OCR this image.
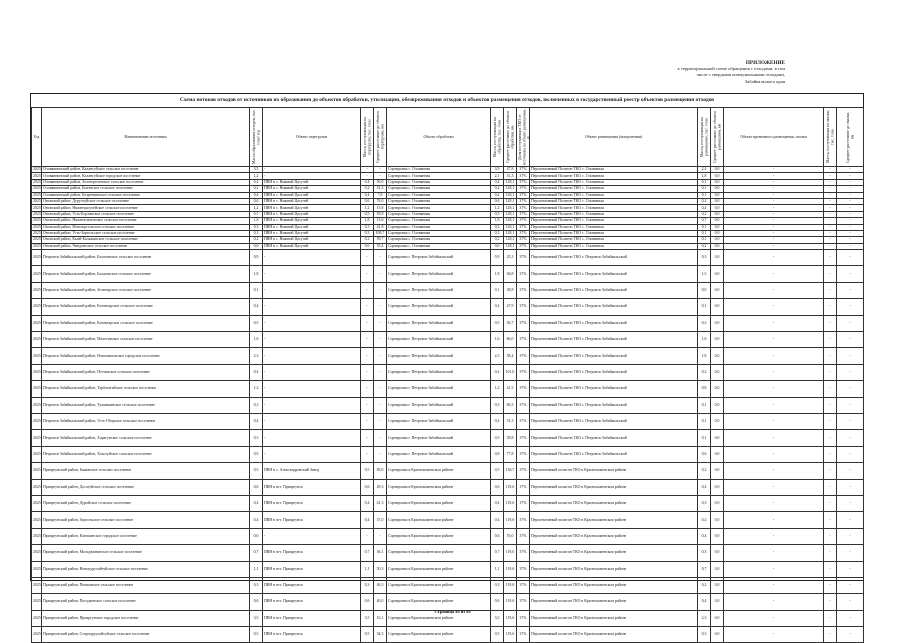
ПРИЛОЖЕНИЕ
к территориальной схеме обращения с отходами, в том
числе с твердыми коммунальными отходами,
Забайкальского края
Схема потоков отходов от источников их образования до объектов обработки, утилизации, обезвреживания отходов и объектов размещения отходов, включенных в государственный реестр объектов размещения отходов
Год	Наименование источника	Масса образования отходов, тыс. тонн/ год	Объект перегрузки	Масса, поступающая на перегрузку, тыс. тонн	Среднее расстояние до объекта перегрузки, км	Объект обработки	Масса, поступающая на обработку, тыс. тонн	Среднее расстояние до объекта обработки, км	Доля поступающих ТКО от источника на объект размещения, %	Объект размещения (захоронения)	Масса, поступающая на размещение, тыс. тонн	Среднее расстояние до объекта размещения, км	Объект временного размещения, свалки	Масса, поступающая на свалки, тыс. тонн	Среднее расстояние до свалки, км
2025	Оловяннинский район, Калангуйское сельское поселение	3,5	-	-	-	Сортировка с. Оловянная	3,9	47,8	37%	Перспективный Полигон ТКО с. Оловянная	2,4	0,0	-	-	-
2025	Оловяннинский район, Калангуйское городское поселение	1,2	-	-	-	Сортировка с. Оловянная	2,1	51,3	37%	Перспективный Полигон ТКО с. Оловянная	1,8	0,0	-	-	-
2025	Оловяннинский район, Золотореченское сельское поселение	0,4	ПВН в с. Нижний Цасучей	0,4	50,0	Сортировка с. Оловянная	0,4	128,1	37%	Перспективный Полигон ТКО с. Оловянная	0,1	0,0	-	-	-
2025	Оловяннинский район, Бытевское сельское поселение	0,2	ПВН в с. Нижний Цасучей	0,2	51,3	Сортировка с. Оловянная	0,2	128,1	37%	Перспективный Полигон ТКО с. Оловянная	0,1	0,0	-	-	-
2025	Оловяннинский район, Безречнинское сельское поселение	0,4	ПВН в с. Нижний Цасучей	0,4	7,8	Сортировка с. Оловянная	0,4	128,1	37%	Перспективный Полигон ТКО с. Оловянная	0,1	0,0	-	-	-
2025	Ононский район, Дурулгуйское сельское поселение	0,6	ПВН в с. Нижний Цасучей	0,6	76,0	Сортировка с. Оловянная	0,6	128,1	37%	Перспективный Полигон ТКО с. Оловянная	0,2	0,0	-	-	-
2025	Ононский район, Нижнецасучейское сельское поселение	1,2	ПВН в с. Нижний Цасучей	1,2	15,8	Сортировка с. Оловянная	1,2	128,1	37%	Перспективный Полигон ТКО с. Оловянная	0,4	0,0	-	-	-
2025	Ононский район, Усть-Борзинское сельское поселение	0,5	ПВН в с. Нижний Цасучей	0,5	59,8	Сортировка с. Оловянная	0,5	128,1	37%	Перспективный Полигон ТКО с. Оловянная	0,2	0,0	-	-	-
2025	Ононский район, Нижнеключевское сельское поселение	1,8	ПВН в с. Нижний Цасучей	1,8	13,6	Сортировка с. Оловянная	1,8	128,1	37%	Перспективный Полигон ТКО с. Оловянная	0,7	0,0	-	-	-
2025	Ононский район, Новозоргольское сельское поселение	0,3	ПВН в с. Нижний Цасучей	0,3	41,8	Сортировка с. Оловянная	0,3	128,1	37%	Перспективный Полигон ТКО с. Оловянная	0,1	0,0	-	-	-
2025	Ононский район, Усть-Заргольское сельское поселение	0,3	ПВН в с. Нижний Цасучей	0,3	108,7	Сортировка с. Оловянная	0,3	128,1	37%	Перспективный Полигон ТКО с. Оловянная	0,1	0,0	-	-	-
2025	Ононский район, Кыэй-Бальжинское сельское поселение	0,2	ПВН в с. Нижний Цасучей	0,2	59,7	Сортировка с. Оловянная	0,2	128,1	37%	Перспективный Полигон ТКО с. Оловянная	0,1	0,0	-	-	-
2025	Ононский район, Чиндантское сельское поселение	0,6	ПВН в с. Нижний Цасучей	0,6	35,4	Сортировка с. Оловянная	0,6	128,1	37%	Перспективный Полигон ТКО с. Оловянная	0,2	0,0	-	-	-
2025	Петровск-Забайкальский район, Балягинское сельское поселение	0,9	-	-	-	Сортировка г. Петровск-Забайкальский	0,9	25,3	37%	Перспективный Полигон ТКО г. Петровск-Забайкальский	0,3	0,0	-	-	-
2025	Петровск-Забайкальский район, Баляганское сельское поселение	1,8	-	-	-	Сортировка г. Петровск-Забайкальский	1,8	36,8	37%	Перспективный Полигон ТКО г. Петровск-Забайкальский	1,5	0,0	-	-	-
2025	Петровск-Забайкальский район, Зеленорское сельское поселение	0,1	-	-	-	Сортировка г. Петровск-Забайкальский	0,1	38,8	37%	Перспективный Полигон ТКО г. Петровск-Забайкальский	0,0	0,0	-	-	-
2025	Петровск-Забайкальский район, Катангарское сельское поселение	0,4	-	-	-	Сортировка г. Петровск-Забайкальский	0,4	47,9	37%	Перспективный Полигон ТКО г. Петровск-Забайкальский	0,1	0,0	-	-	-
2025	Петровск-Забайкальский район, Катангарское сельское поселение	0,5	-	-	-	Сортировка г. Петровск-Забайкальский	0,5	36,7	37%	Перспективный Полигон ТКО г. Петровск-Забайкальский	0,2	0,0	-	-	-
2025	Петровск-Забайкальский район, Малетинское сельское поселение	1,6	-	-	-	Сортировка г. Петровск-Забайкальский	1,6	66,0	37%	Перспективный Полигон ТКО г. Петровск-Забайкальский	1,6	0,0	-	-	-
2025	Петровск-Забайкальский район, Новопавловское городское поселение	2,3	-	-	-	Сортировка г. Петровск-Забайкальский	2,3	58,4	37%	Перспективный Полигон ТКО г. Петровск-Забайкальский	1,8	0,0	-	-	-
2025	Петровск-Забайкальский район, Песчанское сельское поселение	0,4	-	-	-	Сортировка г. Петровск-Забайкальский	0,4	101,0	37%	Перспективный Полигон ТКО г. Петровск-Забайкальский	0,2	0,0	-	-	-
2025	Петровск-Забайкальский район, Тарбагатайское сельское поселение	1,2	-	-	-	Сортировка г. Петровск-Забайкальский	1,2	41,5	37%	Перспективный Полигон ТКО г. Петровск-Забайкальский	0,8	0,0	-	-	-
2025	Петровск-Забайкальский район, Тужинкинское сельское поселение	0,3	-	-	-	Сортировка г. Петровск-Забайкальский	0,3	60,3	37%	Перспективный Полигон ТКО г. Петровск-Забайкальский	0,1	0,0	-	-	-
2025	Петровск-Забайкальский район, Усть-Оборское сельское поселение	0,4	-	-	-	Сортировка г. Петровск-Забайкальский	0,4	31,3	37%	Перспективный Полигон ТКО г. Петровск-Забайкальский	0,1	0,0	-	-	-
2025	Петровск-Забайкальский район, Харагунское сельское поселение	0,3	-	-	-	Сортировка г. Петровск-Забайкальский	0,3	39,8	37%	Перспективный Полигон ТКО г. Петровск-Забайкальский	0,1	0,0	-	-	-
2025	Петровск-Забайкальский район, Хохотуйское сельское поселение	0,9	-	-	-	Сортировка г. Петровск-Забайкальский	0,9	77,8	37%	Перспективный Полигон ТКО г. Петровск-Забайкальский	0,6	0,0	-	-	-
2025	Приаргунский район, Быкинское сельское поселение	0,5	ПВН в с. Александровский Завод	0,5	83,0	Сортировка в Краснокаменском районе	0,5	136,7	37%	Перспективный полигон ТКО в Краснокаменском районе	0,2	0,0	-	-	-
2025	Приаргунский район, Досатуйское сельское поселение	0,6	ПВН в пгт. Приаргунск	0,6	49,3	Сортировка в Краснокаменском районе	0,6	119,6	37%	Перспективный полигон ТКО в Краснокаменском районе	0,4	0,0	-	-	-
2025	Приаргунский район, Дуройское сельское поселение	0,4	ПВН в пгт. Приаргунск	0,4	41,3	Сортировка в Краснокаменском районе	0,4	119,6	37%	Перспективный полигон ТКО в Краснокаменском районе	0,3	0,0	-	-	-
2025	Приаргунский район, Зоргольское сельское поселение	0,4	ПВН в пгт. Приаргунск	0,4	37,0	Сортировка в Краснокаменском районе	0,4	119,6	37%	Перспективный полигон ТКО в Краснокаменском районе	0,2	0,0	-	-	-
2025	Приаргунский район, Кличкинское городское поселение	0,6	-	-	-	Сортировка в Краснокаменском районе	0,6	55,0	37%	Перспективный полигон ТКО в Краснокаменском районе	0,4	0,0	-	-	-
2025	Приаргунский район, Молодёжнинское сельское поселение	0,7	ПВН в пгт. Приаргунск	0,7	36,1	Сортировка в Краснокаменском районе	0,7	119,6	37%	Перспективный полигон ТКО в Краснокаменском районе	0,3	0,0	-	-	-
2025	Приаргунский район, Новоцурухайтуйское сельское поселение	1,1	ПВН в пгт. Приаргунск	1,1	50,3	Сортировка в Краснокаменском районе	1,1	119,6	37%	Перспективный полигон ТКО в Краснокаменском районе	0,7	0,0	-	-	-
2025	Приаргунский район, Пешковское сельское поселение	0,3	ПВН в пгт. Приаргунск	0,3	46,3	Сортировка в Краснокаменском районе	0,3	119,6	37%	Перспективный полигон ТКО в Краснокаменском районе	0,2	0,0	-	-	-
2025	Приаргунский район, Погадаевское сельское поселение	0,6	ПВН в пгт. Приаргунск	0,6	40,0	Сортировка в Краснокаменском районе	0,6	119,6	37%	Перспективный полигон ТКО в Краснокаменском районе	0,4	0,0	-	-	-
2025	Приаргунский район, Приаргунское городское поселение	3,5	ПВН в пгт. Приаргунск	3,5	10,1	Сортировка в Краснокаменском районе	3,5	119,6	37%	Перспективный полигон ТКО в Краснокаменском районе	2,3	0,0	-	-	-
2025	Приаргунский район, Староцурухайтуйское сельское поселение	0,5	ПВН в пгт. Приаргунск	0,5	34,5	Сортировка в Краснокаменском районе	0,5	119,6	37%	Перспективный полигон ТКО в Краснокаменском районе	0,3	0,0	-	-	-
Страница 40 из 80
